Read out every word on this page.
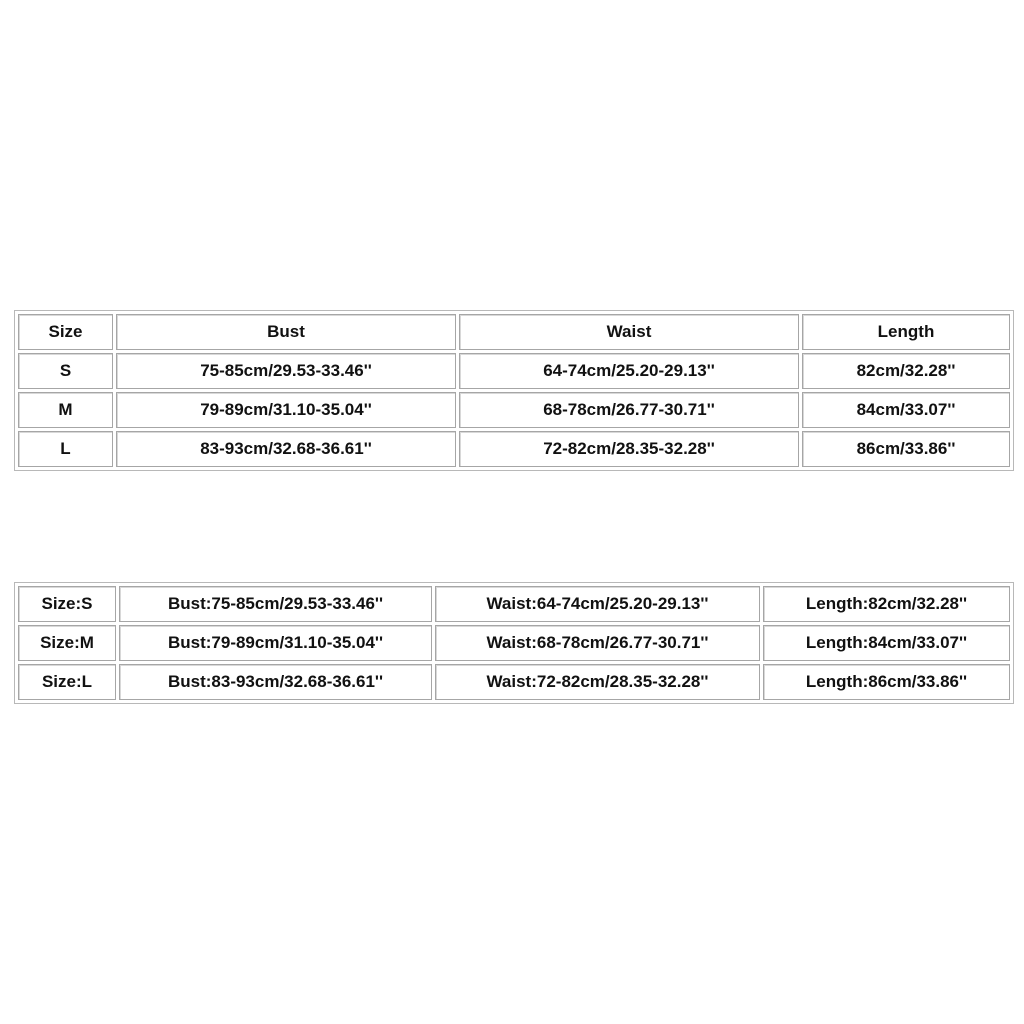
Size	Bust	Waist	Length
S	75-85cm/29.53-33.46''	64-74cm/25.20-29.13''	82cm/32.28''
M	79-89cm/31.10-35.04''	68-78cm/26.77-30.71''	84cm/33.07''
L	83-93cm/32.68-36.61''	72-82cm/28.35-32.28''	86cm/33.86''
Size:S	Bust:75-85cm/29.53-33.46''	Waist:64-74cm/25.20-29.13''	Length:82cm/32.28''
Size:M	Bust:79-89cm/31.10-35.04''	Waist:68-78cm/26.77-30.71''	Length:84cm/33.07''
Size:L	Bust:83-93cm/32.68-36.61''	Waist:72-82cm/28.35-32.28''	Length:86cm/33.86''
